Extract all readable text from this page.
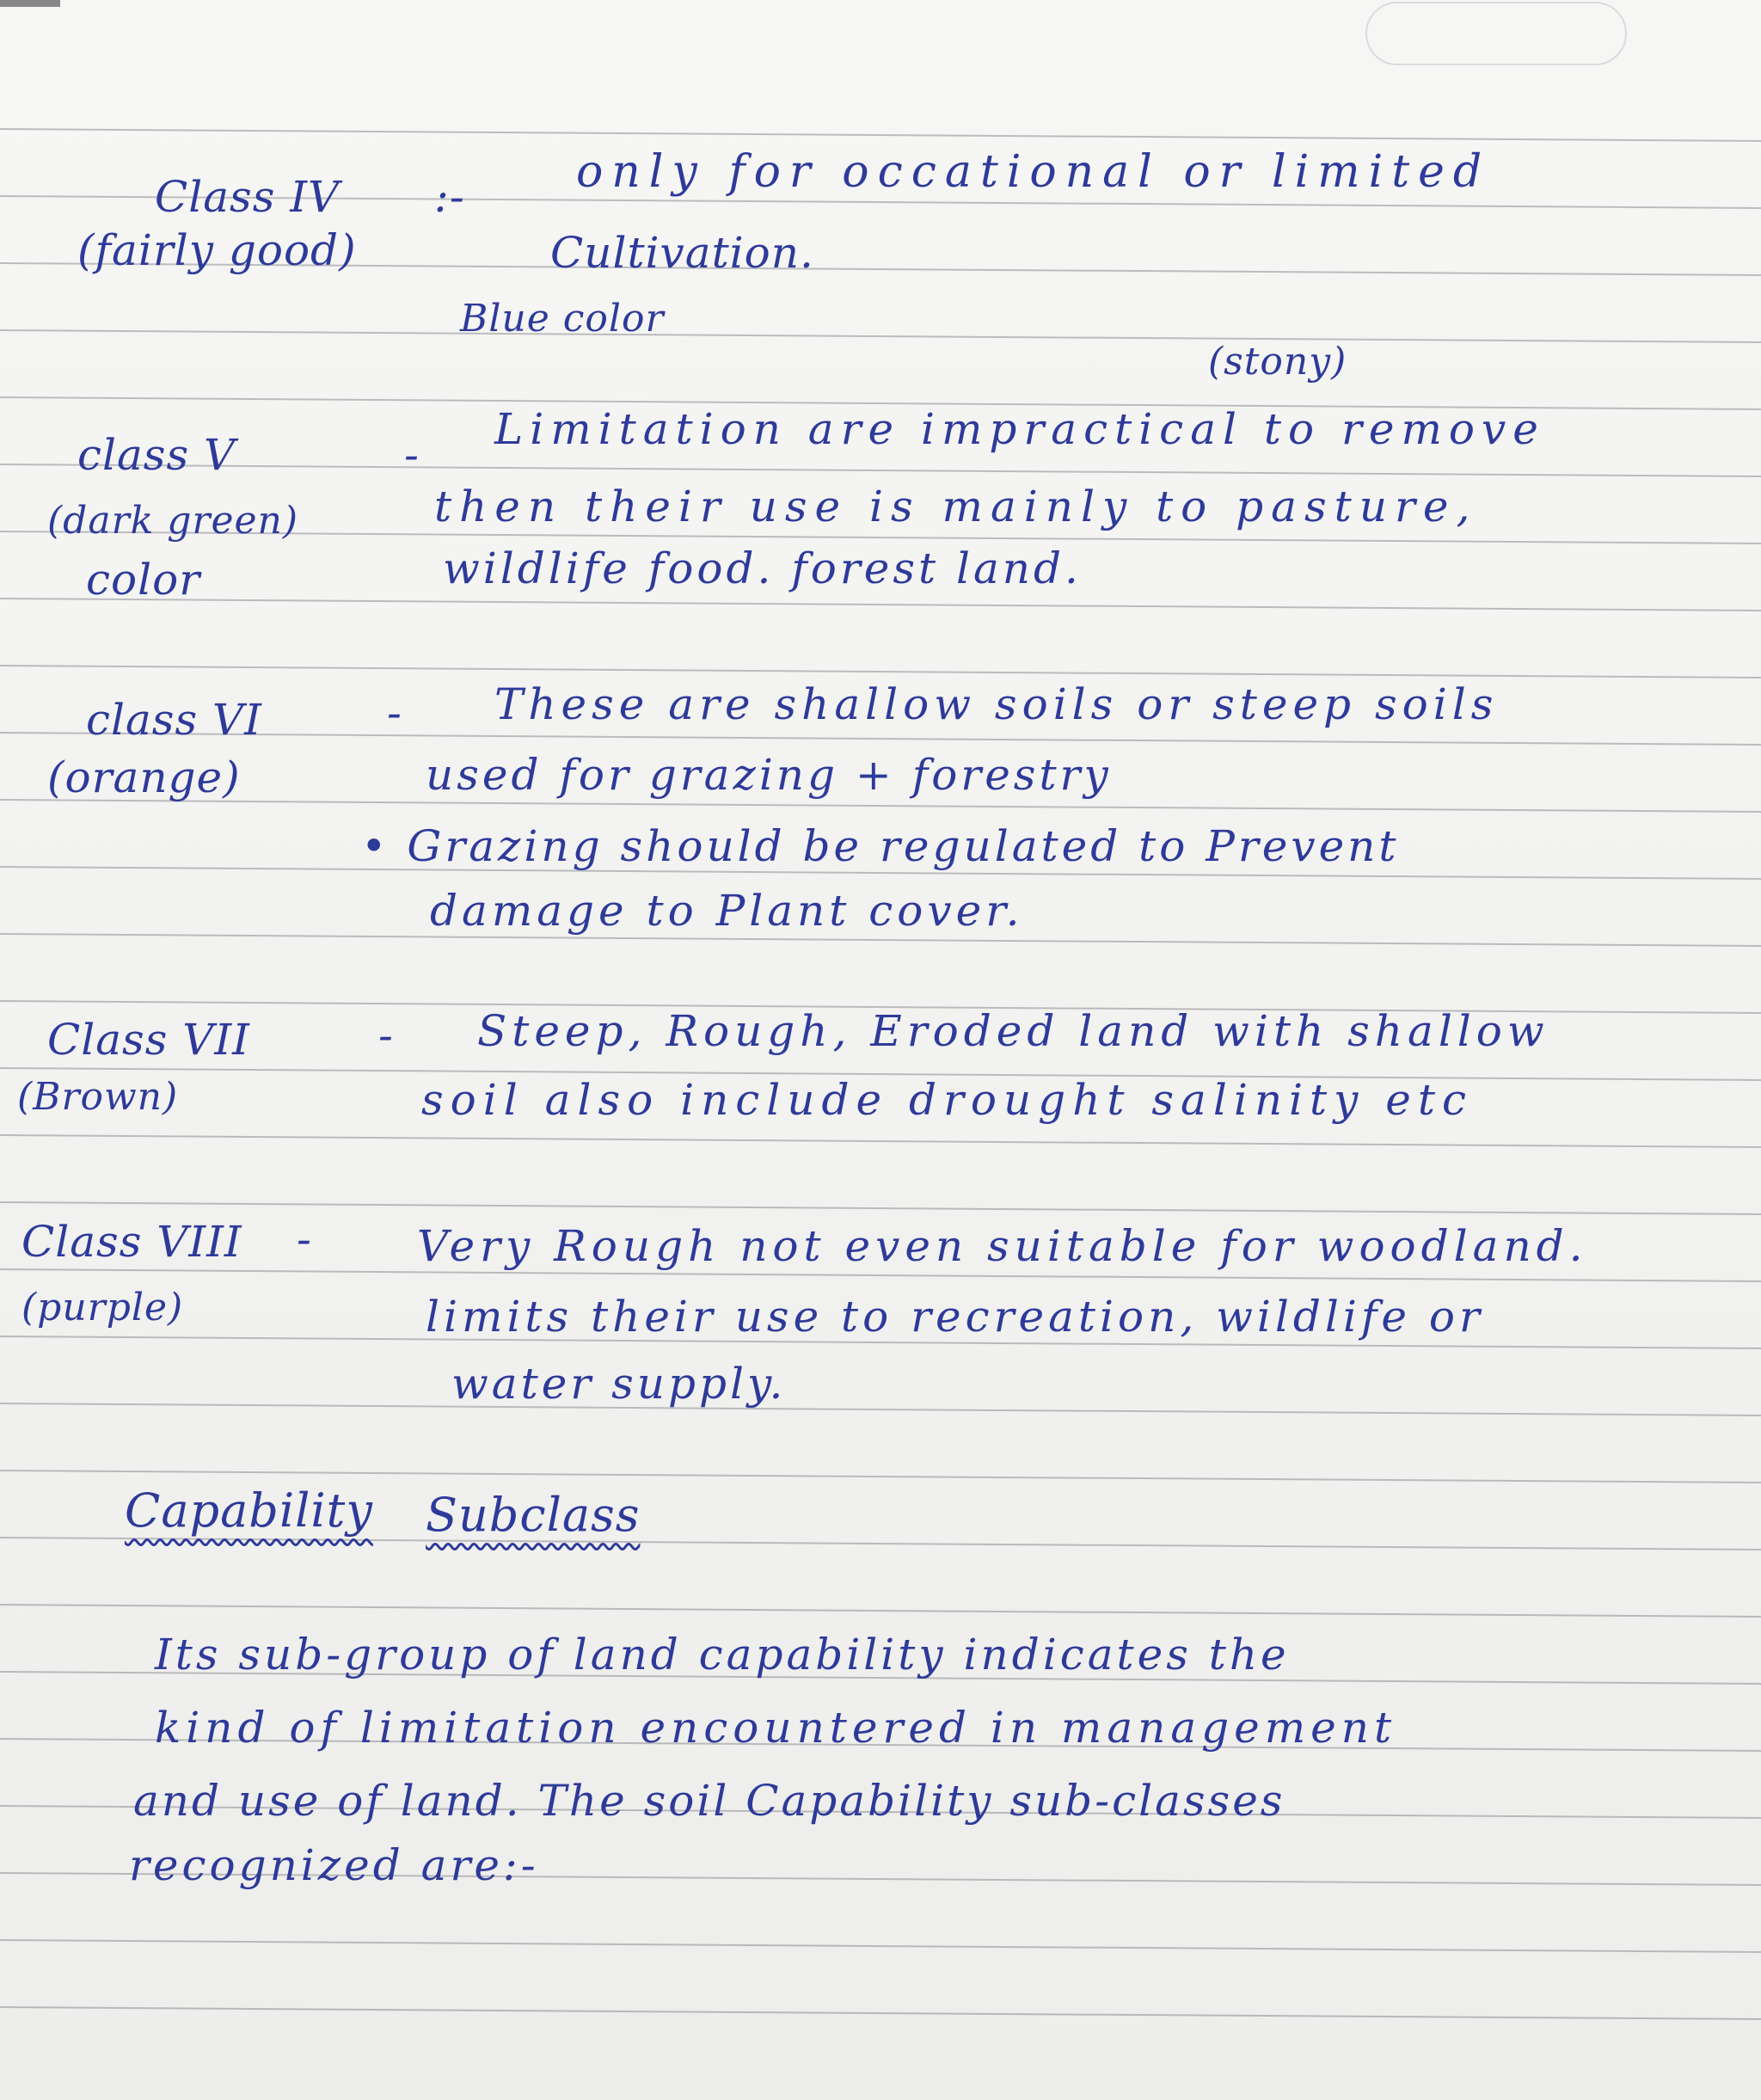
Class IV :- only for occational or limited
(fairly good)	Cultivation.
Blue color
(stony)
class V	-
Limitation are impractical to remove
(dark green)	then their use is mainly to pasture,
color	wildlife food. forest land.
class VI	- These are shallow soils or steep soils
(orange)	used for grazing + forestry
• Grazing should be regulated to Prevent
damage to Plant cover.
Class VII	- Steep, Rough, Eroded land with shallow
(Brown)	soil also include drought salinity etc
Class VIII - Very Rough not even suitable for woodland.
(purple)	limits their use to recreation, wildlife or
water supply.
Capability Subclass
Its sub-group of land capability indicates the
kind of limitation encountered in management
and use of land. The soil Capability sub-classes
recognized are:-
